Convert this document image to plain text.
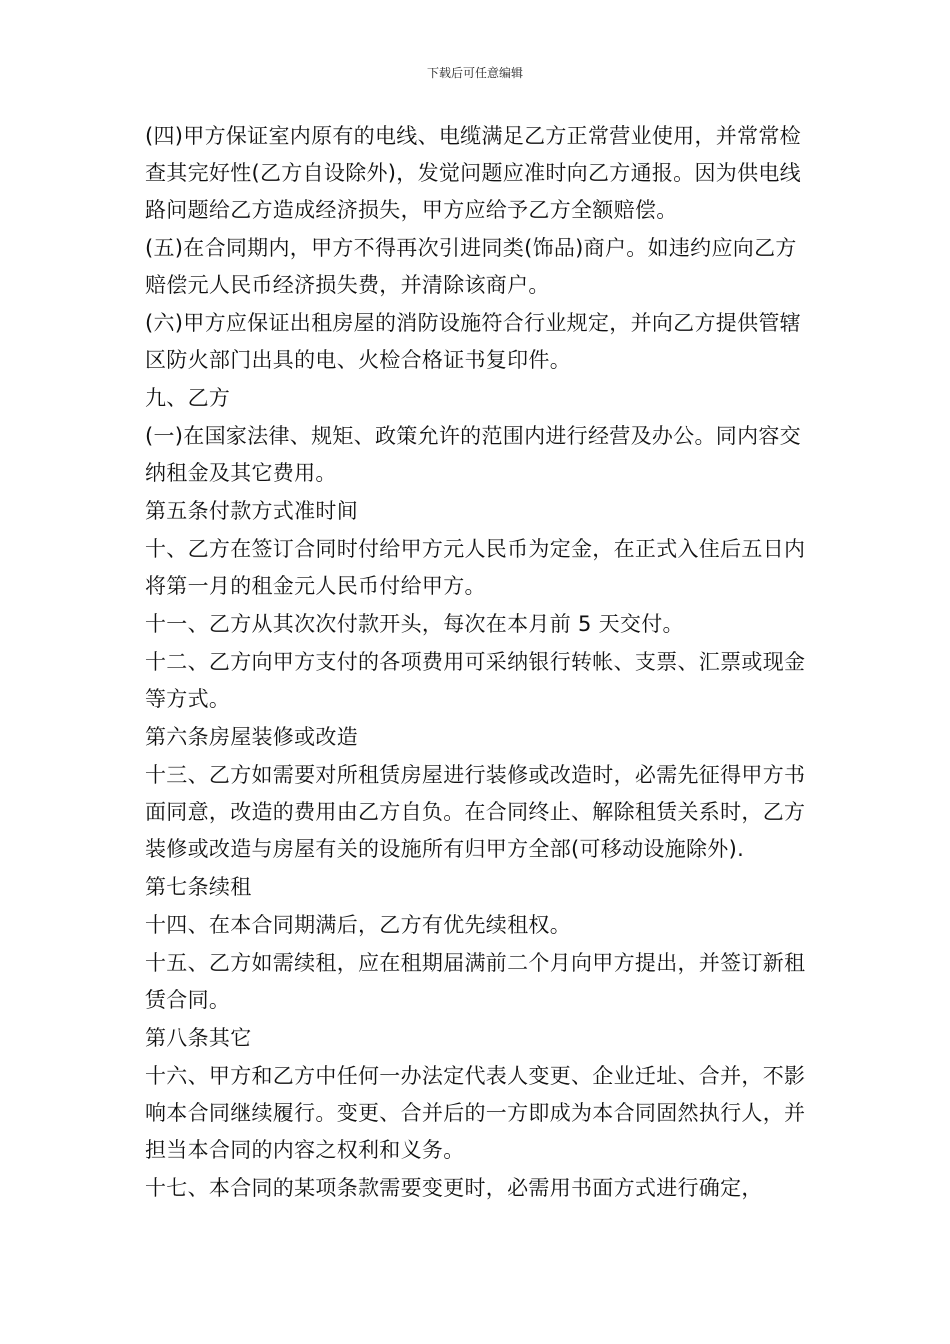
下载后可任意编辑

(四)甲方保证室内原有的电线、电缆满足乙方正常营业使用，并常常检查其完好性(乙方自设除外)，发觉问题应准时向乙方通报。因为供电线路问题给乙方造成经济损失，甲方应给予乙方全额赔偿。

(五)在合同期内，甲方不得再次引进同类(饰品)商户。如违约应向乙方赔偿元人民币经济损失费，并清除该商户。

(六)甲方应保证出租房屋的消防设施符合行业规定，并向乙方提供管辖区防火部门出具的电、火检合格证书复印件。

九、乙方

(一)在国家法律、规矩、政策允许的范围内进行经营及办公。同内容交纳租金及其它费用。

第五条付款方式准时间

十、乙方在签订合同时付给甲方元人民币为定金，在正式入住后五日内将第一月的租金元人民币付给甲方。

十一、乙方从其次次付款开头，每次在本月前 5 天交付。

十二、乙方向甲方支付的各项费用可采纳银行转帐、支票、汇票或现金等方式。

第六条房屋装修或改造

十三、乙方如需要对所租赁房屋进行装修或改造时，必需先征得甲方书面同意，改造的费用由乙方自负。在合同终止、解除租赁关系时，乙方装修或改造与房屋有关的设施所有归甲方全部(可移动设施除外).

第七条续租

十四、在本合同期满后，乙方有优先续租权。

十五、乙方如需续租，应在租期届满前二个月向甲方提出，并签订新租赁合同。

第八条其它

十六、甲方和乙方中任何一办法定代表人变更、企业迁址、合并，不影响本合同继续履行。变更、合并后的一方即成为本合同固然执行人，并担当本合同的内容之权利和义务。

十七、本合同的某项条款需要变更时，必需用书面方式进行确定，
